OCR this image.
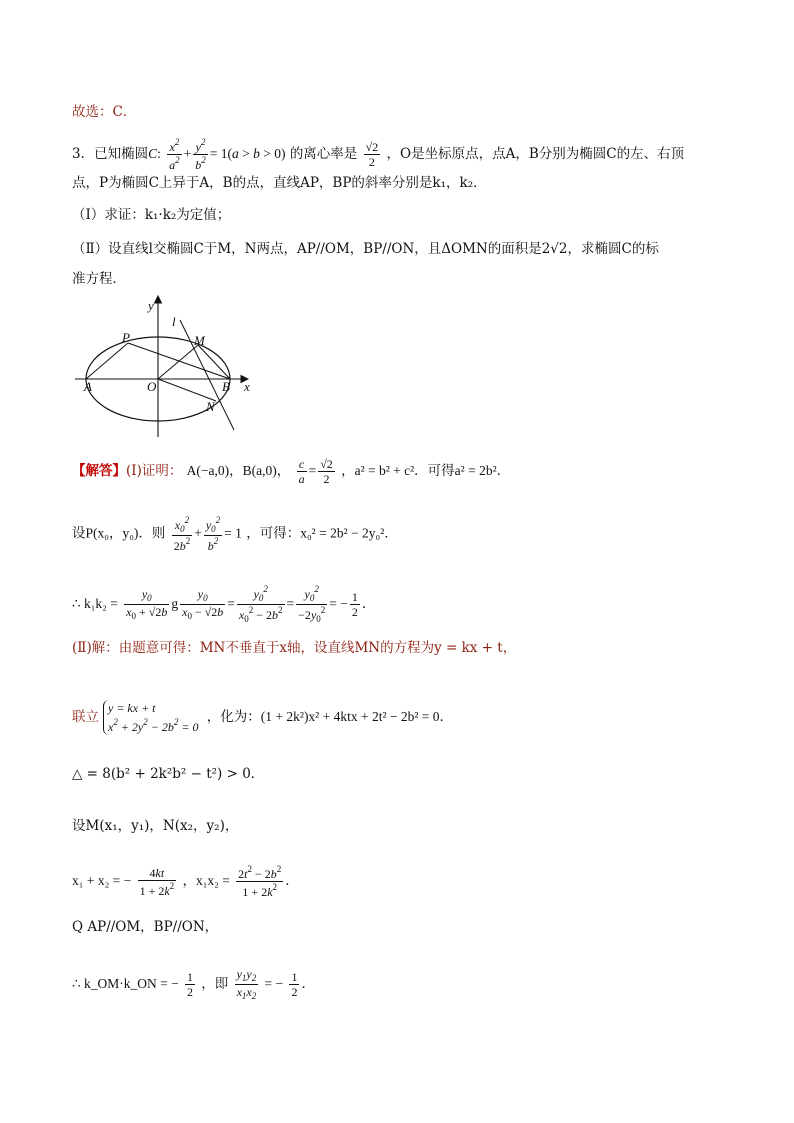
故选：C．
3．已知椭圆C: $\frac{x^2}{a^2} + \frac{y^2}{b^2} = 1(a > b > 0)$ 的离心率是 $\frac{√2}{2}$ ，O是坐标原点，点A，B分别为椭圆C的左、右顶
点，P为椭圆C上异于A，B的点，直线AP，BP的斜率分别是k₁，k₂．
（Ⅰ）求证：k₁·k₂为定值；
（Ⅱ）设直线l交椭圆C于M，N两点，AP//OM，BP//ON，且ΔOMN的面积是2√2，求椭圆C的标
准方程．
y
l
P	M
A	O	B x
N
【解答】(Ⅰ)证明： A(−a,0)，B(a,0)， $\frac{c}{a} = \frac{√2}{2}$ ，a² = b² + c²．可得a² = 2b²．
设P(x₀，y₀)．则 $\frac{x_0^2}{2b^2} + \frac{y_0^2}{b^2} = 1$ ，可得：x₀² = 2b² − 2y₀²．
∴ $k_1k_2 = \frac{y_0}{x_0 + √2b}$ g $\frac{y_0}{x_0 - √2b} = \frac{y_0^2}{x_0^2 - 2b^2} = \frac{y_0^2}{-2y_0^2}$ = − $\frac{1}{2}$ ．
(Ⅱ)解：由题意可得：MN不垂直于x轴，设直线MN的方程为y = kx + t，
联立y = kx + t
$x^2 + 2y^2 - 2b^2 = 0$ ，化为：(1 + 2k²)x² + 4ktx + 2t² − 2b² = 0．
△ = 8(b² + 2k²b² − t²) > 0．
设M(x₁，y₁)，N(x₂，y₂)，
x₁ + x₂ = − $\frac{4kt}{1 + 2k^2}$ ，$x_1x_2 = \frac{2t^2 - 2b^2}{1 + 2k^2}$ ．
Q AP//OM，BP//ON，
∴ k_OM·k_ON = − $\frac{1}{2}$ ，即 $\frac{y_1y_2}{x_1x_2}$ = − $\frac{1}{2}$ ．
